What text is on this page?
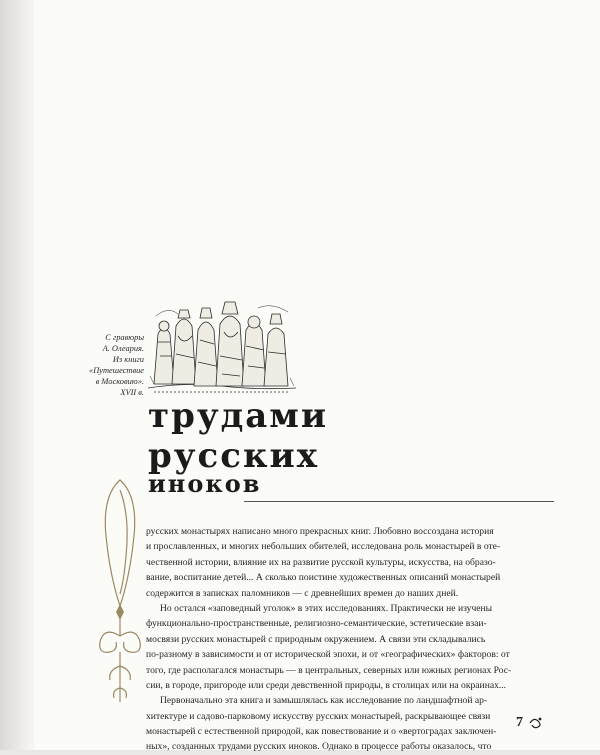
С гравюры
А. Олеария.
Из книги
«Путешествие
в Московию».
XVII в.
трудами
русских
иноков
русских монастырях написано много прекрасных книг. Любовно воссоздана история
и прославленных, и многих небольших обителей, исследована роль монастырей в оте-
чественной истории, влияние их на развитие русской культуры, искусства, на образо-
вание, воспитание детей... А сколько поистине художественных описаний монастырей
содержится в записках паломников — с древнейших времен до наших дней.
Но остался «заповедный уголок» в этих исследованиях. Практически не изучены
функционально-пространственные, религиозно-семантические, эстетические взаи-
мосвязи русских монастырей с природным окружением. А связи эти складывались
по-разному в зависимости и от исторической эпохи, и от «географических» факторов: от
того, где располагался монастырь — в центральных, северных или южных регионах Рос-
сии, в городе, пригороде или среди девственной природы, в столицах или на окраинах...
Первоначально эта книга и замышлялась как исследование по ландшафтной ар-
хитектуре и садово-парковому искусству русских монастырей, раскрывающее связи
монастырей с естественной природой, как повествование и о «вертоградах заключен-
ных», созданных трудами русских иноков. Однако в процессе работы оказалось, что
7
